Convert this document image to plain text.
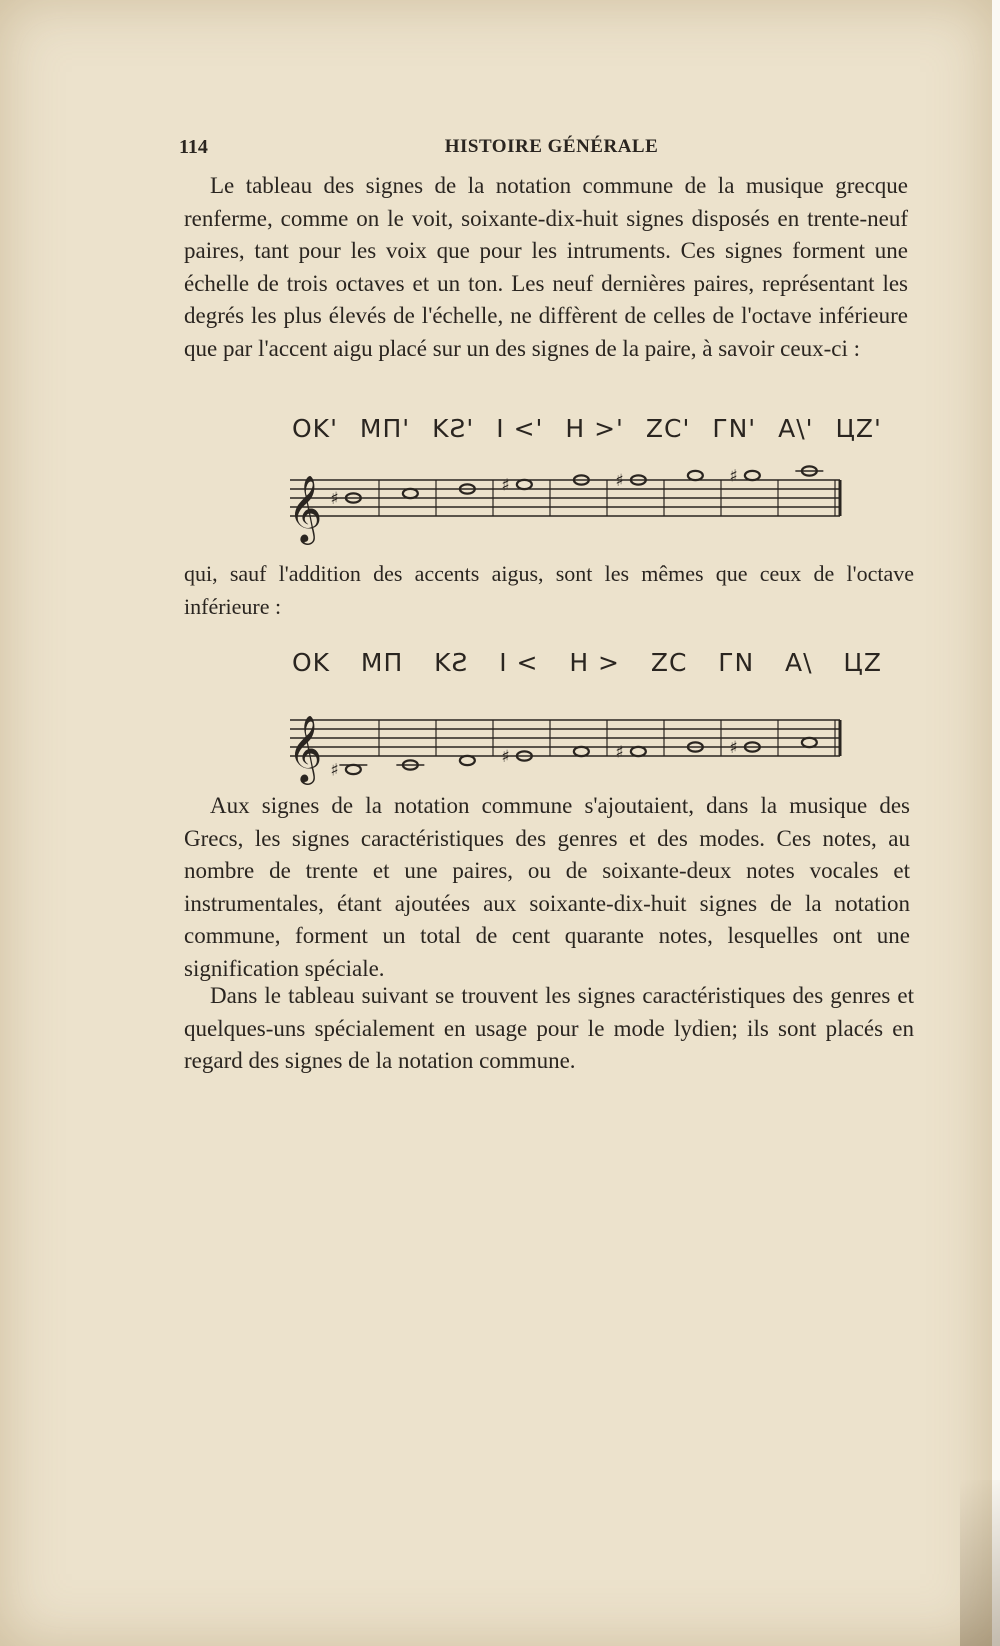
114	HISTOIRE GÉNÉRALE

Le tableau des signes de la notation commune de la musique grecque renferme, comme on le voit, soixante-dix-huit signes disposés en trente-neuf paires, tant pour les voix que pour les intruments. Ces signes forment une échelle de trois octaves et un ton. Les neuf dernières paires, représentant les degrés les plus élevés de l'échelle, ne diffèrent de celles de l'octave inférieure que par l'accent aigu placé sur un des signes de la paire, à savoir ceux-ci :

OK' MП' KƧ' I <' H >' ZC' ГN' A\' ЦZ'
𝄞 ♯
♯	♯	♯

qui, sauf l'addition des accents aigus, sont les mêmes que ceux de l'octave inférieure :

OK MП KƧ I < H > ZC ГN A\ ЦZ
𝄞 ♯
♯	♯	♯

Aux signes de la notation commune s'ajoutaient, dans la musique des Grecs, les signes caractéristiques des genres et des modes. Ces notes, au nombre de trente et une paires, ou de soixante-deux notes vocales et instrumentales, étant ajoutées aux soixante-dix-huit signes de la notation commune, forment un total de cent quarante notes, lesquelles ont une signification spéciale.

Dans le tableau suivant se trouvent les signes caractéristiques des genres et quelques-uns spécialement en usage pour le mode lydien; ils sont placés en regard des signes de la notation commune.
